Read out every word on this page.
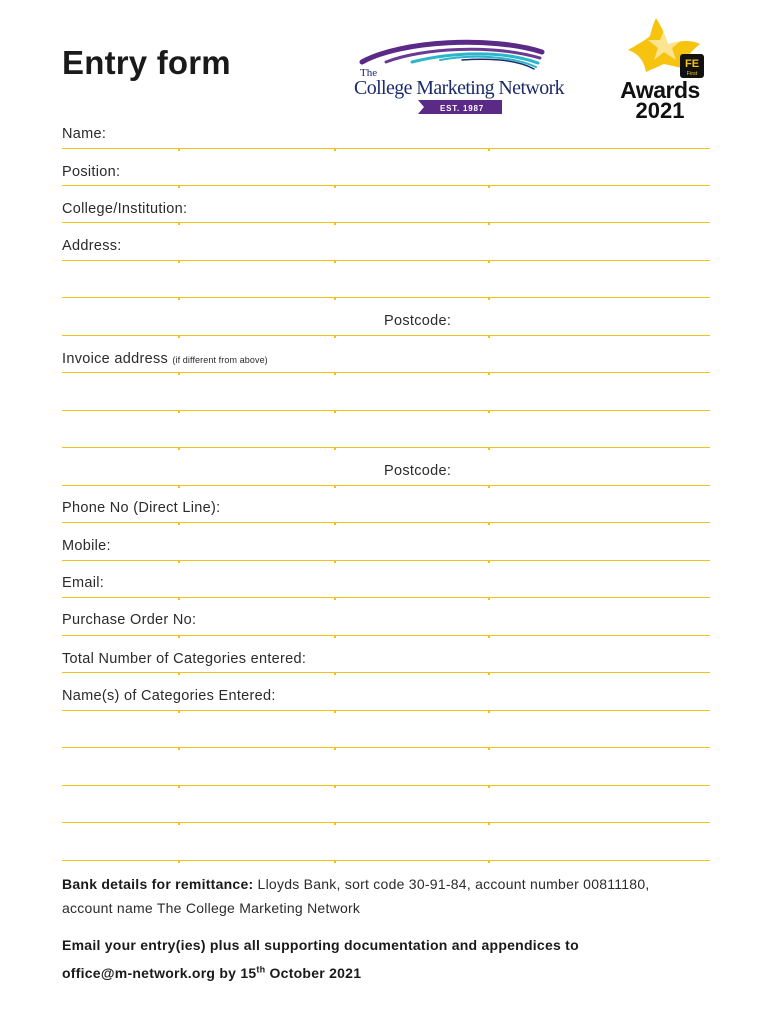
Entry form	The
College Marketing Network
EST. 1987
FE
First
Awards
2021
Name:
Position:
College/Institution:
Address:
Postcode:
Invoice address (if different from above)
Postcode:
Phone No (Direct Line):
Mobile:
Email:
Purchase Order No:
Total Number of Categories entered:
Name(s) of Categories Entered:

Bank details for remittance: Lloyds Bank, sort code 30-91-84, account number 00811180,
account name The College Marketing Network

Email your entry(ies) plus all supporting documentation and appendices to
office@m-network.org by 15th October 2021
